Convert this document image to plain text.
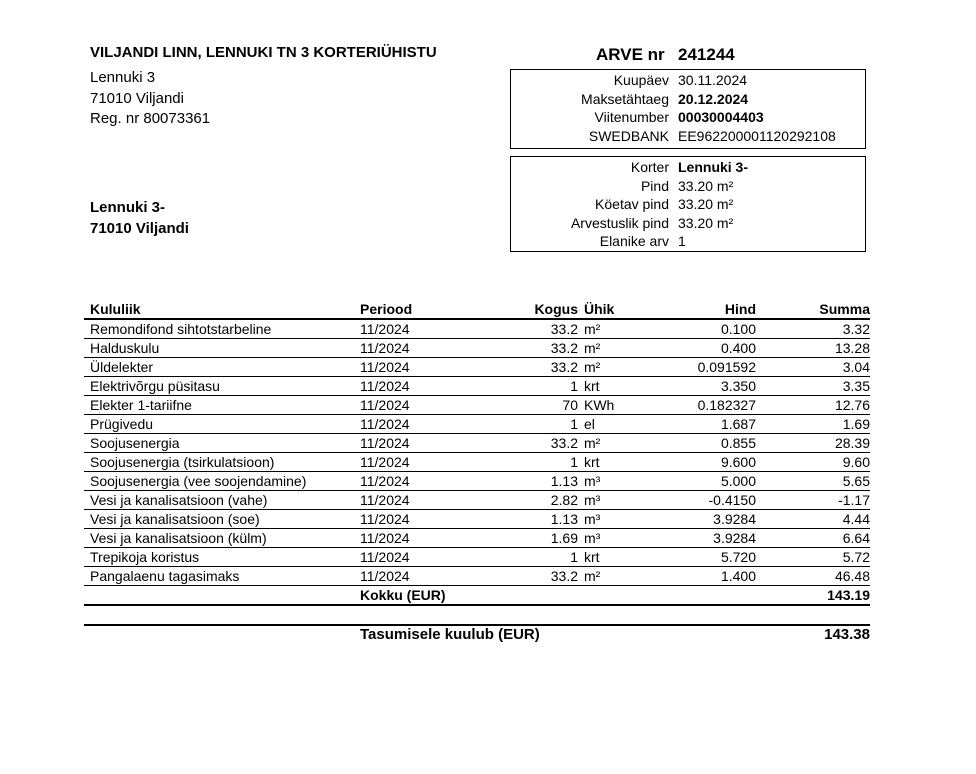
VILJANDI LINN, LENNUKI TN 3 KORTERIÜHISTU
Lennuki 3
71010 Viljandi
Reg. nr 80073361
ARVE nr 241244
Kuupäev 30.11.2024
Maksetähtaeg 20.12.2024
Viitenumber 00030004403
SWEDBANK EE962200001120292108
Korter Lennuki 3-
Pind 33.20 m²
Köetav pind 33.20 m²
Arvestuslik pind 33.20 m²
Elanike arv 1
Lennuki 3-
71010 Viljandi
Kululiik	Periood	Kogus	Ühik	Hind	Summa
Remondifond sihtotstarbeline	11/2024	33.2	m²	0.100	3.32
Halduskulu	11/2024	33.2	m²	0.400	13.28
Üldelekter	11/2024	33.2	m²	0.091592	3.04
Elektrivõrgu püsitasu	11/2024	1	krt	3.350	3.35
Elekter 1-tariifne	11/2024	70	KWh	0.182327	12.76
Prügivedu	11/2024	1	el	1.687	1.69
Soojusenergia	11/2024	33.2	m²	0.855	28.39
Soojusenergia (tsirkulatsioon)	11/2024	1	krt	9.600	9.60
Soojusenergia (vee soojendamine)	11/2024	1.13	m³	5.000	5.65
Vesi ja kanalisatsioon (vahe)	11/2024	2.82	m³	-0.4150	-1.17
Vesi ja kanalisatsioon (soe)	11/2024	1.13	m³	3.9284	4.44
Vesi ja kanalisatsioon (külm)	11/2024	1.69	m³	3.9284	6.64
Trepikoja koristus	11/2024	1	krt	5.720	5.72
Pangalaenu tagasimaks	11/2024	33.2	m²	1.400	46.48
	Kokku (EUR)				143.19
Tasumisele kuulub (EUR)	143.38
